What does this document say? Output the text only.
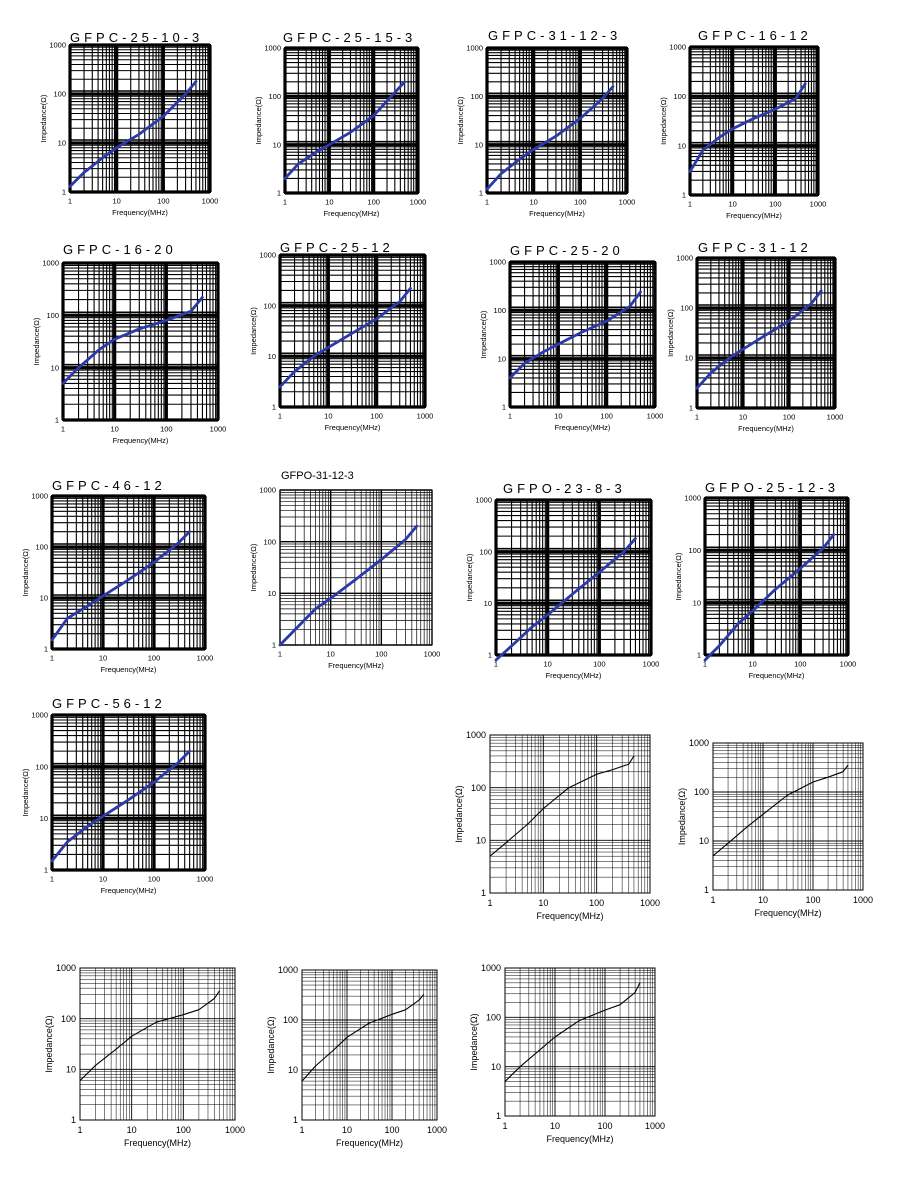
1	10	100	1000
1
10
100
1000
Frequency(MHz)
Impedance(Ω)
1	10	100	1000
1
10
100
1000
Frequency(MHz)
Impedance(Ω)
1	10	100	1000
1
10
100
1000
Frequency(MHz)
Impedance(Ω)
1	10	100	1000
1
10
100
1000
Frequency(MHz)
Impedance(Ω)
1	10	100	1000
1
10
100
1000
Frequency(MHz)
Impedance(Ω)
1	10	100	1000
1
10
100
1000
Frequency(MHz)
Impedance(Ω)
1	10	100	1000
1
10
100
1000
Frequency(MHz)
Impedance(Ω)
1	10	100	1000
1
10
100
1000
Frequency(MHz)
Impedance(Ω)
1	10	100	1000
1
10
100
1000
Frequency(MHz)
Impedance(Ω)
1	10	100	1000
1
10
100
1000
Frequency(MHz)
Impedance(Ω)
1	10	100	1000
1
10
100
1000
Frequency(MHz)
Impedance(Ω)
1	10	100	1000
1
10
100
1000
Frequency(MHz)
Impedance(Ω)
1	10	100	1000
1
10
100
1000
Frequency(MHz)
Impedance(Ω)
1	10	100	1000
1
10
100
1000
Frequency(MHz)
Impedance(Ω)
1	10	100	1000
1
10
100
1000
Frequency(MHz)
Impedance(Ω)
1	10	100	1000
1
10
100
1000
Frequency(MHz)
Impedance(Ω)
1	10	100	1000
1
10
100
1000
Frequency(MHz)
Impedance(Ω)
1	10	100	1000
1
10
100
1000
Frequency(MHz)
Impedance(Ω)
GFPC-25-10-3	GFPC-25-15-3	GFPC-31-12-3	GFPC-16-12
GFPC-16-20	GFPC-25-12	GFPC-25-20	GFPC-31-12
GFPC-46-12
GFPO-31-12-3
GFPO-23-8-3	GFPO-25-12-3
GFPC-56-12
